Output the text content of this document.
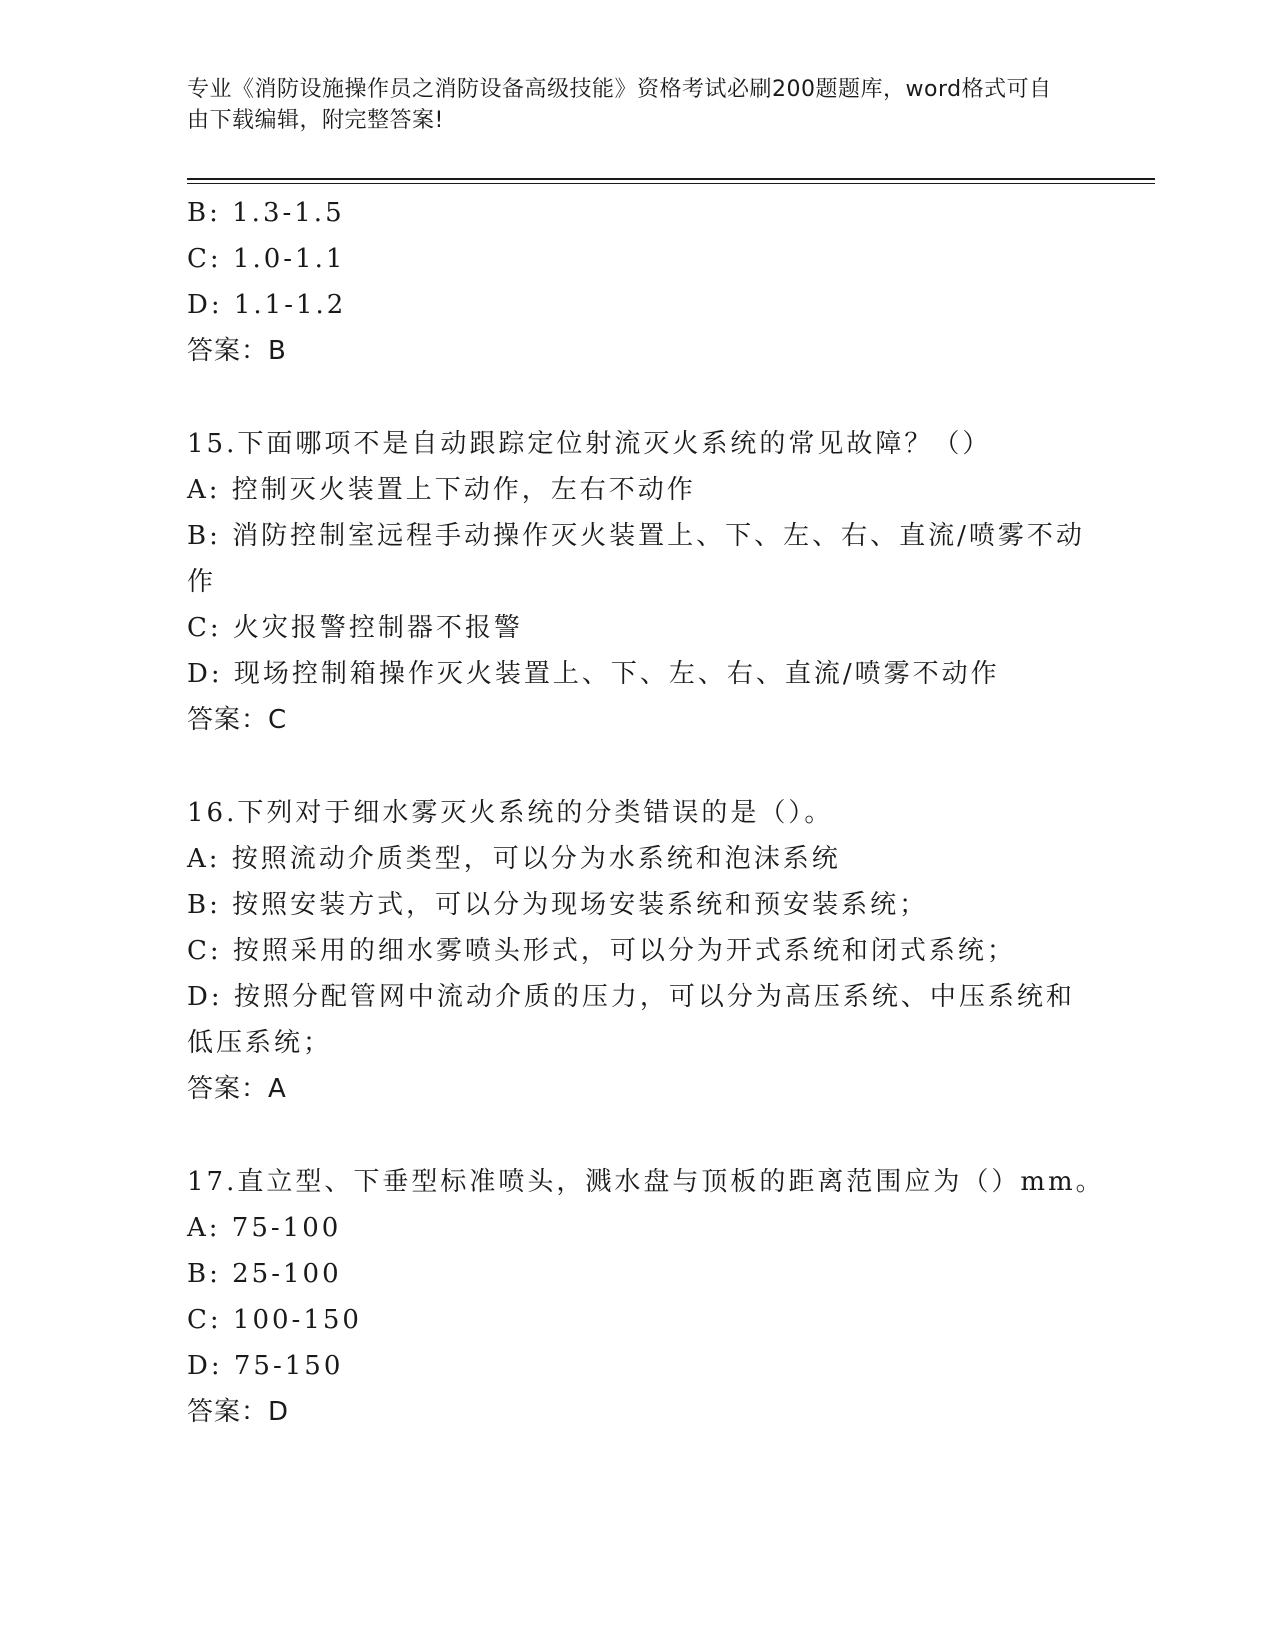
专业《消防设施操作员之消防设备高级技能》资格考试必刷200题题库，word格式可自由下载编辑，附完整答案!
B: 1.3-1.5
C: 1.0-1.1
D: 1.1-1.2
答案：B
15.下面哪项不是自动跟踪定位射流灭火系统的常见故障？（）
A: 控制灭火装置上下动作，左右不动作
B: 消防控制室远程手动操作灭火装置上、下、左、右、直流/喷雾不动作
C: 火灾报警控制器不报警
D: 现场控制箱操作灭火装置上、下、左、右、直流/喷雾不动作
答案：C
16.下列对于细水雾灭火系统的分类错误的是（）。
A: 按照流动介质类型，可以分为水系统和泡沫系统
B: 按照安装方式，可以分为现场安装系统和预安装系统；
C: 按照采用的细水雾喷头形式，可以分为开式系统和闭式系统；
D: 按照分配管网中流动介质的压力，可以分为高压系统、中压系统和低压系统；
答案：A
17.直立型、下垂型标准喷头，溅水盘与顶板的距离范围应为（）mm。
A: 75-100
B: 25-100
C: 100-150
D: 75-150
答案：D
